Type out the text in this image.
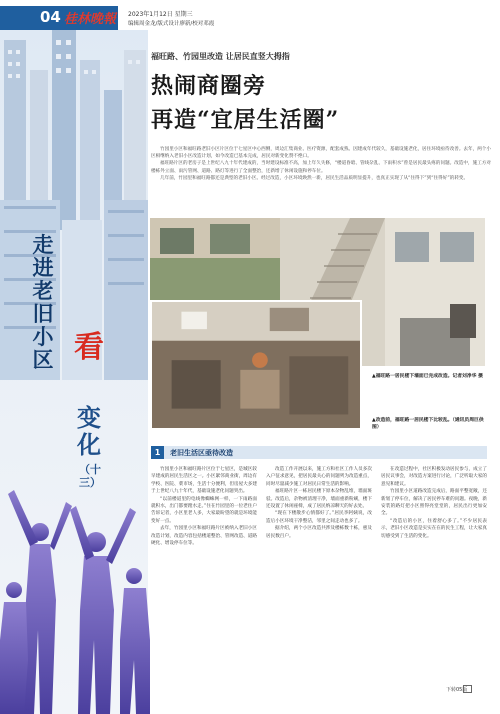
04 桂林晚報 2023年1月12日 星期三
编辑周金龙/版式设计廖新/校对邓霞
走进老旧小区 看
变化
（十三）
福旺路、竹园里改造 让居民直竖大拇指
热闹商圈旁
再造“宜居生活圈”

竹园里小区和福旺路老旧小区片区位于七星区中心西侧，周边汇集商业、医疗资源，配套成熟。因建成年代较久，基础设施老化，居住环境亟待改善。去年，两个小区相继纳入老旧小区改造计划，如今改造已基本完成，居民对新变化赞不绝口。

福旺路片区的老房子是上世纪八九十年代建成的，当时建设标准不高，加上年久失修，“楼道昏暗、管线杂乱、下雨积水”曾是居民最头疼的问题。改造中，施工方对楼栋外立面、雨污管网、道路、路灯等进行了全面整治，还新增了休闲设施和停车位。

几年前，竹园里和福旺路都还是典型的老旧小区。经过改造，小区环境焕然一新，居民生活品质明显提升，也真正实现了从“住得下”到“住得好”的转变。

▲福旺路一居民楼下墙面已完成改造。记者刘净华 摄
▲改造前，福旺路一居民楼下比较乱。（通讯员周巨供图）
1	老旧生活区亟待改造

竹园里小区和福旺路片区位于七星区，是城区较早建成的居民生活区之一。小区紧邻商业街，周边有学校、医院、菜市场，生活十分便利，但房屋大多建于上世纪八九十年代，基础设施老化问题突出。

“以前楼道里的电线像蜘蛛网一样，一下雨路面就积水，出门都要蹚水走。”住在竹园里的一位老住户告诉记者，小区里老人多，大家最盼望的就是环境能变好一点。

去年，竹园里小区和福旺路片区被纳入老旧小区改造计划，改造内容包括楼道整治、管网改造、道路硬化、增设停车位等。

改造工作开展以来，施工方和社区工作人员多次入户征求意见，把居民最关心的问题列为改造重点，同时尽量减少施工对居民日常生活的影响。

福旺路片区一栋居民楼下原本杂物乱堆，墙面斑驳。改造后，杂物被清理干净，墙面重新粉刷，楼下还设置了休闲座椅，成了居民纳凉聊天的好去处。

“现在下楼散步心情都好了。”居民李阿姨说，改造后小区环境干净整洁，邻里之间走动也多了。

据介绍，两个小区改造共涉及楼栋数十栋，惠及居民数百户。

在改造过程中，社区积极发动居民参与，成立了居民议事会，对改造方案进行讨论，广泛听取大家的意见和建议。

竹园里小区道路改造完成后，路面平整宽敞，还新划了停车位，解决了居民停车难的问题。夜晚，新安装的路灯把小区照得亮堂堂的，居民出行更加安全。

“改造后的小区，住着舒心多了。”不少居民表示，老旧小区改造是实实在在的民生工程，让大家真切感受到了生活的变化。

下转05版
